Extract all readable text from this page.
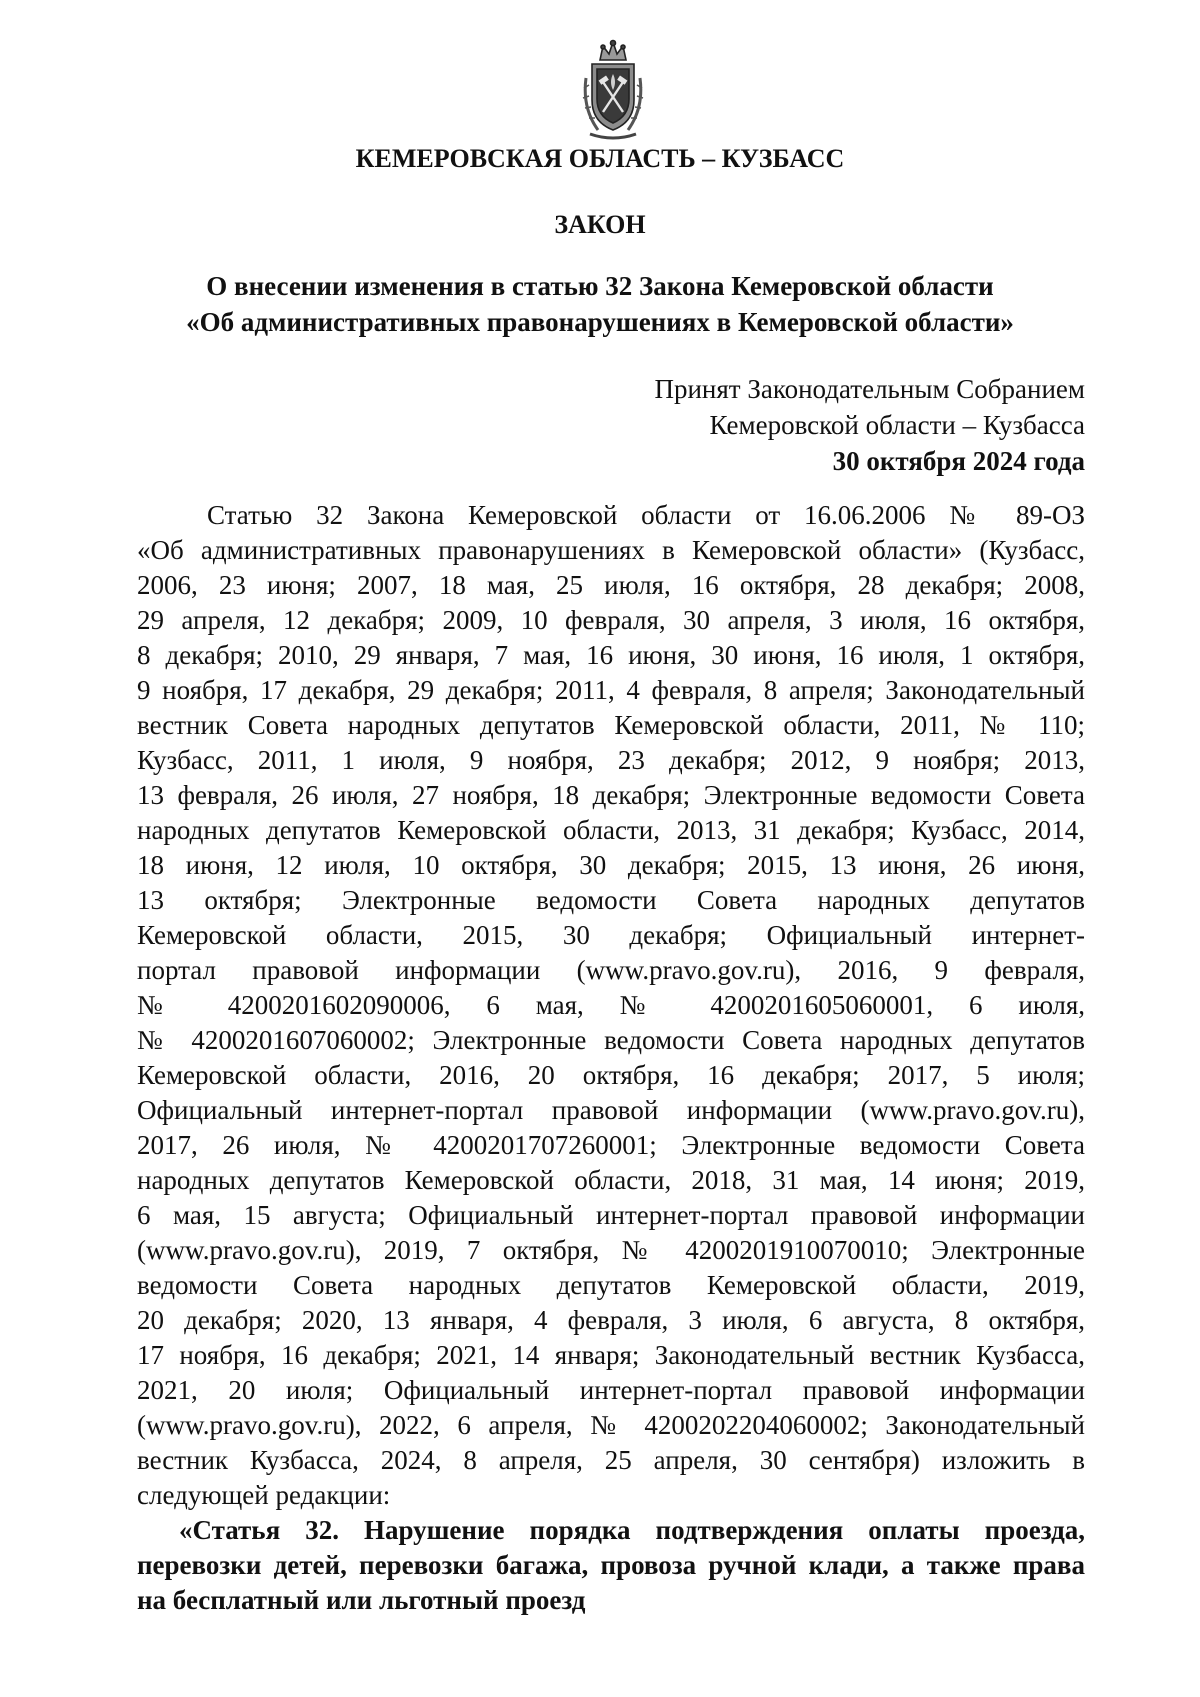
КЕМЕРОВСКАЯ ОБЛАСТЬ – КУЗБАСС
ЗАКОН
О внесении изменения в статью 32 Закона Кемеровской области
«Об административных правонарушениях в Кемеровской области»
Принят Законодательным Собранием
Кемеровской области – Кузбасса
30 октября 2024 года
Статью 32 Закона Кемеровской области от 16.06.2006 № 89-ОЗ
«Об административных правонарушениях в Кемеровской области» (Кузбасс,
2006, 23 июня; 2007, 18 мая, 25 июля, 16 октября, 28 декабря; 2008,
29 апреля, 12 декабря; 2009, 10 февраля, 30 апреля, 3 июля, 16 октября,
8 декабря; 2010, 29 января, 7 мая, 16 июня, 30 июня, 16 июля, 1 октября,
9 ноября, 17 декабря, 29 декабря; 2011, 4 февраля, 8 апреля; Законодательный
вестник Совета народных депутатов Кемеровской области, 2011, № 110;
Кузбасс, 2011, 1 июля, 9 ноября, 23 декабря; 2012, 9 ноября; 2013,
13 февраля, 26 июля, 27 ноября, 18 декабря; Электронные ведомости Совета
народных депутатов Кемеровской области, 2013, 31 декабря; Кузбасс, 2014,
18 июня, 12 июля, 10 октября, 30 декабря; 2015, 13 июня, 26 июня,
13 октября; Электронные ведомости Совета народных депутатов
Кемеровской области, 2015, 30 декабря; Официальный интернет-
портал правовой информации (www.pravo.gov.ru), 2016, 9 февраля,
№ 4200201602090006, 6 мая, № 4200201605060001, 6 июля,
№ 4200201607060002; Электронные ведомости Совета народных депутатов
Кемеровской области, 2016, 20 октября, 16 декабря; 2017, 5 июля;
Официальный интернет-портал правовой информации (www.pravo.gov.ru),
2017, 26 июля, № 4200201707260001; Электронные ведомости Совета
народных депутатов Кемеровской области, 2018, 31 мая, 14 июня; 2019,
6 мая, 15 августа; Официальный интернет-портал правовой информации
(www.pravo.gov.ru), 2019, 7 октября, № 4200201910070010; Электронные
ведомости Совета народных депутатов Кемеровской области, 2019,
20 декабря; 2020, 13 января, 4 февраля, 3 июля, 6 августа, 8 октября,
17 ноября, 16 декабря; 2021, 14 января; Законодательный вестник Кузбасса,
2021, 20 июля; Официальный интернет-портал правовой информации
(www.pravo.gov.ru), 2022, 6 апреля, № 4200202204060002; Законодательный
вестник Кузбасса, 2024, 8 апреля, 25 апреля, 30 сентября) изложить в
следующей редакции:
«Статья 32. Нарушение порядка подтверждения оплаты проезда,
перевозки детей, перевозки багажа, провоза ручной клади, а также права
на бесплатный или льготный проезд
